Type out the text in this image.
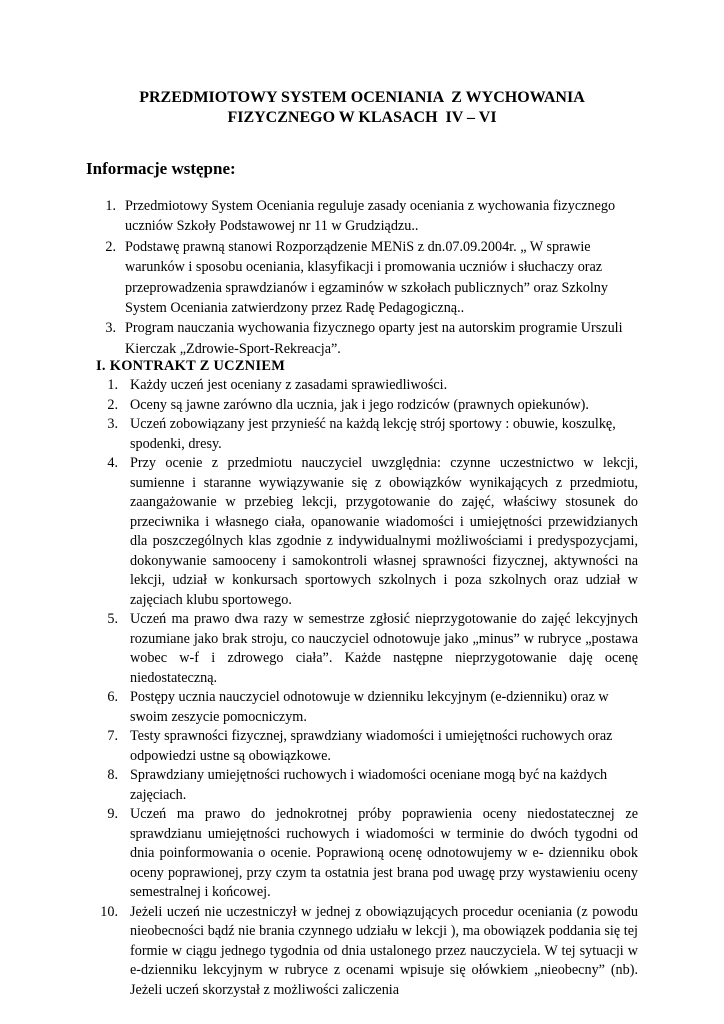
PRZEDMIOTOWY SYSTEM OCENIANIA  Z WYCHOWANIA
FIZYCZNEGO W KLASACH  IV – VI
Informacje wstępne:
1. Przedmiotowy System Oceniania reguluje zasady oceniania z wychowania fizycznego uczniów Szkoły Podstawowej nr 11 w Grudziądzu..
2. Podstawę prawną stanowi Rozporządzenie MENiS z dn.07.09.2004r. „ W sprawie warunków i sposobu oceniania, klasyfikacji i promowania uczniów i słuchaczy oraz przeprowadzenia sprawdzianów i egzaminów w szkołach publicznych” oraz Szkolny System Oceniania zatwierdzony przez Radę Pedagogiczną..
3. Program nauczania wychowania fizycznego oparty jest na autorskim programie Urszuli Kierczak „Zdrowie-Sport-Rekreacja”.
I. KONTRAKT Z UCZNIEM
1. Każdy uczeń jest oceniany z zasadami sprawiedliwości.
2. Oceny są jawne zarówno dla ucznia, jak i jego rodziców (prawnych opiekunów).
3. Uczeń zobowiązany jest przynieść na każdą lekcję strój sportowy : obuwie, koszulkę, spodenki, dresy.
4. Przy ocenie z przedmiotu nauczyciel uwzględnia: czynne uczestnictwo w lekcji, sumienne i staranne wywiązywanie się z obowiązków wynikających z przedmiotu, zaangażowanie w przebieg lekcji, przygotowanie do zajęć, właściwy stosunek do przeciwnika i własnego ciała, opanowanie wiadomości i umiejętności przewidzianych dla poszczególnych klas zgodnie z indywidualnymi możliwościami i predyspozycjami, dokonywanie samooceny i samokontroli własnej sprawności fizycznej, aktywności na lekcji, udział w konkursach sportowych szkolnych i poza szkolnych oraz udział w zajęciach klubu sportowego.
5. Uczeń ma prawo dwa razy w semestrze zgłosić nieprzygotowanie do zajęć lekcyjnych rozumiane jako brak stroju, co nauczyciel odnotowuje jako „minus” w rubryce „postawa wobec w-f i zdrowego ciała”. Każde następne nieprzygotowanie daję ocenę niedostateczną.
6. Postępy ucznia nauczyciel odnotowuje w dzienniku lekcyjnym (e-dzienniku) oraz w swoim zeszycie pomocniczym.
7. Testy sprawności fizycznej, sprawdziany wiadomości i umiejętności ruchowych oraz odpowiedzi ustne są obowiązkowe.
8. Sprawdziany umiejętności ruchowych i wiadomości oceniane mogą być na każdych zajęciach.
9. Uczeń ma prawo do jednokrotnej próby poprawienia oceny niedostatecznej ze sprawdzianu umiejętności ruchowych i wiadomości w terminie do dwóch tygodni od dnia poinformowania o ocenie. Poprawioną ocenę odnotowujemy w e- dzienniku obok oceny poprawionej, przy czym ta ostatnia jest brana pod uwagę przy wystawieniu oceny semestralnej i końcowej.
10. Jeżeli uczeń nie uczestniczył w jednej z obowiązujących procedur oceniania (z powodu nieobecności bądź nie brania czynnego udziału w lekcji ), ma obowiązek poddania się tej formie w ciągu jednego tygodnia od dnia ustalonego przez nauczyciela. W tej sytuacji w e-dzienniku lekcyjnym w rubryce z ocenami wpisuje się ołówkiem „nieobecny” (nb). Jeżeli uczeń skorzystał z możliwości zaliczenia
